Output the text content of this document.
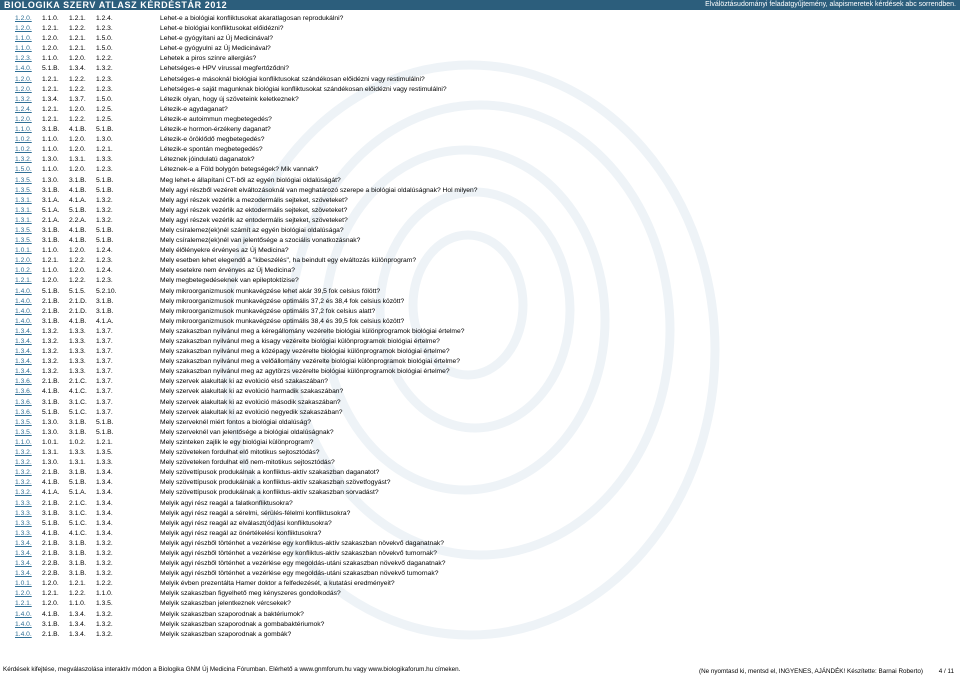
BIOLOGIKA SZERV ATLASZ KÉRDÉSTÁR 2012	Elválöztásudományi feladatgyűjtemény, alapismeretek kérdések abc sorrendben.
1.2.0. 1.1.0. 1.2.1. 1.2.4.	Lehet-e a biológiai konfliktusokat akaratlagosan reprodukálni?
1.2.0. 1.2.1. 1.2.2. 1.2.3.	Lehet-e biológiai konfliktusokat előidézni?
1.1.0. 1.2.0. 1.2.1. 1.5.0.	Lehet-e gyógyítani az Új Medicinával?
1.1.0. 1.2.0. 1.2.1. 1.5.0.	Lehet-e gyógyulni az Új Medicinával?
1.2.3. 1.1.0. 1.2.0. 1.2.2.	Lehetek a piros színre allergiás?
1.4.0. 5.1.B. 1.3.4. 1.3.2.	Lehetséges-e HPV vírussal megfertőződni?
1.2.0. 1.2.1. 1.2.2. 1.2.3.	Lehetséges-e másoknál biológiai konfliktusokat szándékosan előidézni vagy restimulálni?
1.2.0. 1.2.1. 1.2.2. 1.2.3.	Lehetséges-e saját magunknak biológiai konfliktusokat szándékosan előidézni vagy restimulálni?
1.3.2. 1.3.4. 1.3.7. 1.5.0.	Létezik olyan, hogy új szöveteink keletkeznek?
1.2.4. 1.2.1. 1.2.0. 1.2.5.	Létezik-e agydaganat?
1.2.0. 1.2.1. 1.2.2. 1.2.5.	Létezik-e autoimmun megbetegedés?
1.1.0. 3.1.B. 4.1.B. 5.1.B.	Létezik-e hormon-érzékeny daganat?
1.0.2. 1.1.0. 1.2.0. 1.3.0.	Létezik-e öröklődő megbetegedés?
1.0.2. 1.1.0. 1.2.0. 1.2.1.	Létezik-e spontán megbetegedés?
1.3.2. 1.3.0. 1.3.1. 1.3.3.	Léteznek jóindulatú daganatok?
1.5.0. 1.1.0. 1.2.0. 1.2.3.	Léteznek-e a Föld bolygón betegségek? Mik vannak?
1.3.5. 1.3.0. 3.1.B. 5.1.B.	Meg lehet-e állapítani CT-ből az egyén biológiai oldalúságát?
1.3.5. 3.1.B. 4.1.B. 5.1.B.	Mely agyi részből vezérelt elváltozásoknál van meghatározó szerepe a biológiai oldalúságnak? Hol milyen?
1.3.1. 3.1.A. 4.1.A. 1.3.2.	Mely agyi részek vezérlik a mezodermális sejteket, szöveteket?
1.3.1. 5.1.A. 5.1.B. 1.3.2.	Mely agyi részek vezérlik az ektodermális sejteket, szöveteket?
1.3.1. 2.1.A. 2.2.A. 1.3.2.	Mely agyi részek vezérlik az entodermális sejteket, szöveteket?
1.3.5. 3.1.B. 4.1.B. 5.1.B.	Mely csíralemez(ek)nél számít az egyén biológiai oldalúsága?
1.3.5. 3.1.B. 4.1.B. 5.1.B.	Mely csíralemez(ek)nél van jelentősége a szociális vonatkozásnak?
1.0.1. 1.1.0. 1.2.0. 1.2.4.	Mely élőlényekre érvényes az Új Medicina?
1.2.0. 1.2.1. 1.2.2. 1.2.3.	Mely esetben lehet elegendő a "kibeszélés", ha beindult egy elváltozás különprogram?
1.0.2. 1.1.0. 1.2.0. 1.2.4.	Mely esetekre nem érvényes az Új Medicina?
1.2.1. 1.2.0. 1.2.2. 1.2.3.	Mely megbetegedéseknek van epileptoktízise?
1.4.0. 5.1.B. 5.1.5. 5.2.10.	Mely mikroorganizmusok munkavégzése lehet akár 39,5 fok celsius fölött?
1.4.0. 2.1.B. 2.1.D. 3.1.B.	Mely mikroorganizmusok munkavégzése optimális 37,2 és 38,4 fok celsius között?
1.4.0. 2.1.B. 2.1.D. 3.1.B.	Mely mikroorganizmusok munkavégzése optimális 37,2 fok celsius alatt?
1.4.0. 3.1.B. 4.1.B. 4.1.A.	Mely mikroorganizmusok munkavégzése optimális 38,4 és 39,5 fok celsius között?
1.3.4. 1.3.2. 1.3.3. 1.3.7.	Mely szakaszban nyilvánul meg a kéregállomány vezérelte biológiai különprogramok biológiai értelme?
1.3.4. 1.3.2. 1.3.3. 1.3.7.	Mely szakaszban nyilvánul meg a kisagy vezérelte biológiai különprogramok biológiai értelme?
1.3.4. 1.3.2. 1.3.3. 1.3.7.	Mely szakaszban nyilvánul meg a középagy vezérelte biológiai különprogramok biológiai értelme?
1.3.4. 1.3.2. 1.3.3. 1.3.7.	Mely szakaszban nyilvánul meg a velőállomány vezérelte biológiai különprogramok biológiai értelme?
1.3.4. 1.3.2. 1.3.3. 1.3.7.	Mely szakaszban nyilvánul meg az agytörzs vezérelte biológiai különprogramok biológiai értelme?
1.3.6. 2.1.B. 2.1.C. 1.3.7.	Mely szervek alakultak ki az evolúció első szakaszában?
1.3.6. 4.1.B. 4.1.C. 1.3.7.	Mely szervek alakultak ki az evolúció harmadik szakaszában?
1.3.6. 3.1.B. 3.1.C. 1.3.7.	Mely szervek alakultak ki az evolúció második szakaszában?
1.3.6. 5.1.B. 5.1.C. 1.3.7.	Mely szervek alakultak ki az evolúció negyedik szakaszában?
1.3.5. 1.3.0. 3.1.B. 5.1.B.	Mely szerveknél miért fontos a biológiai oldalúság?
1.3.5. 1.3.0. 3.1.B. 5.1.B.	Mely szerveknél van jelentősége a biológiai oldalúságnak?
1.1.0. 1.0.1. 1.0.2. 1.2.1.	Mely szinteken zajlik le egy biológiai különprogram?
1.3.2. 1.3.1. 1.3.3. 1.3.5.	Mely szöveteken fordulhat elő mitotikus sejtosztódás?
1.3.2. 1.3.0. 1.3.1. 1.3.3.	Mely szöveteken fordulhat elő nem-mitotikus sejtosztódás?
1.3.2. 2.1.B. 3.1.B. 1.3.4.	Mely szövettípusok produkálnak a konfliktus-aktív szakaszban daganatot?
1.3.2. 4.1.B. 5.1.B. 1.3.4.	Mely szövettípusok produkálnak a konfliktus-aktív szakaszban szövetfogyást?
1.3.2. 4.1.A. 5.1.A. 1.3.4.	Mely szövettípusok produkálnak a konfliktus-aktív szakaszban sorvadást?
1.3.3. 2.1.B. 2.1.C. 1.3.4.	Melyik agyi rész reagál a falatkonfliktusokra?
1.3.3. 3.1.B. 3.1.C. 1.3.4.	Melyik agyi rész reagál a sérelmi, sérülés-félelmi konfliktusokra?
1.3.3. 5.1.B. 5.1.C. 1.3.4.	Melyik agyi rész reagál az elválaszt(ód)ási konfliktusokra?
1.3.3. 4.1.B. 4.1.C. 1.3.4.	Melyik agyi rész reagál az önértékelési konfliktusokra?
1.3.4. 2.1.B. 3.1.B. 1.3.2.	Melyik agyi részből történhet a vezérlése egy konfliktus-aktív szakaszban növekvő daganatnak?
1.3.4. 2.1.B. 3.1.B. 1.3.2.	Melyik agyi részből történhet a vezérlése egy konfliktus-aktív szakaszban növekvő tumornak?
1.3.4. 2.2.B. 3.1.B. 1.3.2.	Melyik agyi részből történhet a vezérlése egy megoldás-utáni szakaszban növekvő daganatnak?
1.3.4. 2.2.B. 3.1.B. 1.3.2.	Melyik agyi részből történhet a vezérlése egy megoldás-utáni szakaszban növekvő tumornak?
1.0.1. 1.2.0. 1.2.1. 1.2.2.	Melyik évben prezentálta Hamer doktor a felfedezését, a kutatási eredményeit?
1.2.0. 1.2.1. 1.2.2. 1.1.0.	Melyik szakaszban figyelhető meg kényszeres gondolkodás?
1.2.1. 1.2.0. 1.1.0. 1.3.5.	Melyik szakaszban jelentkeznek vércsekek?
1.4.0. 4.1.B. 1.3.4. 1.3.2.	Melyik szakaszban szaporodnak a baktériumok?
1.4.0. 3.1.B. 1.3.4. 1.3.2.	Melyik szakaszban szaporodnak a gombabaktériumok?
1.4.0. 2.1.B. 1.3.4. 1.3.2.	Melyik szakaszban szaporodnak a gombák?
Kérdések kifejtése, megválaszolása interaktív módon a Biologika GNM Új Medicina Fórumban. Elérhető a www.gnmforum.hu vagy www.biologikaforum.hu címeken.	(Ne nyomtasd ki, mentsd el, INGYENES, AJÁNDÉK! Készítette: Barnai Roberto)	4 / 11
